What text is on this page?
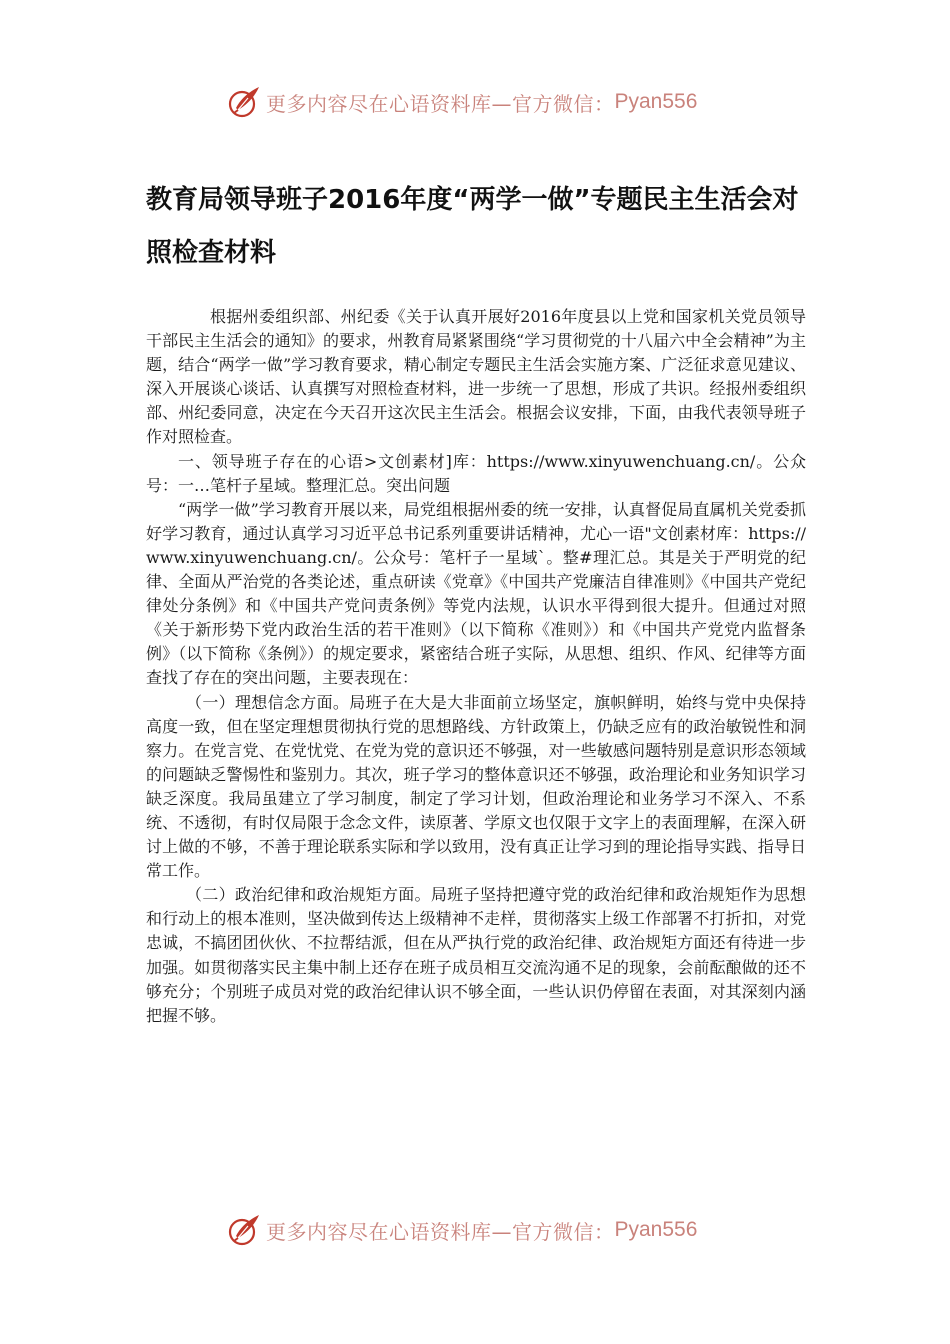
更多内容尽在心语资料库—官方微信： Pyan556
教育局领导班子2016年度“两学一做”专题民主生活会对照检查材料

根据州委组织部、州纪委《关于认真开展好2016年度县以上党和国家机关党员领导干部民主生活会的通知》的要求，州教育局紧紧围绕“学习贯彻党的十八届六中全会精神”为主题，结合“两学一做”学习教育要求，精心制定专题民主生活会实施方案、广泛征求意见建议、深入开展谈心谈话、认真撰写对照检查材料，进一步统一了思想，形成了共识。经报州委组织部、州纪委同意，决定在今天召开这次民主生活会。根据会议安排，下面，由我代表领导班子作对照检查。

一、领导班子存在的心语>文创素材]库：https://www.xinyuwenchuang.cn/。公众号：一…笔杆子星域。整理汇总。突出问题

“两学一做”学习教育开展以来，局党组根据州委的统一安排，认真督促局直属机关党委抓好学习教育，通过认真学习习近平总书记系列重要讲话精神，尤心一语"文创素材库：https://www.xinyuwenchuang.cn/。公众号：笔杆子一星域`。整#理汇总。其是关于严明党的纪律、全面从严治党的各类论述，重点研读《党章》《中国共产党廉洁自律准则》《中国共产党纪律处分条例》和《中国共产党问责条例》等党内法规，认识水平得到很大提升。但通过对照《关于新形势下党内政治生活的若干准则》（以下简称《准则》）和《中国共产党党内监督条例》（以下简称《条例》）的规定要求，紧密结合班子实际，从思想、组织、作风、纪律等方面查找了存在的突出问题，主要表现在：

（一）理想信念方面。局班子在大是大非面前立场坚定，旗帜鲜明，始终与党中央保持高度一致，但在坚定理想贯彻执行党的思想路线、方针政策上，仍缺乏应有的政治敏锐性和洞察力。在党言党、在党忧党、在党为党的意识还不够强，对一些敏感问题特别是意识形态领域的问题缺乏警惕性和鉴别力。其次，班子学习的整体意识还不够强，政治理论和业务知识学习缺乏深度。我局虽建立了学习制度，制定了学习计划，但政治理论和业务学习不深入、不系统、不透彻，有时仅局限于念念文件，读原著、学原文也仅限于文字上的表面理解，在深入研讨上做的不够，不善于理论联系实际和学以致用，没有真正让学习到的理论指导实践、指导日常工作。

（二）政治纪律和政治规矩方面。局班子坚持把遵守党的政治纪律和政治规矩作为思想和行动上的根本准则，坚决做到传达上级精神不走样，贯彻落实上级工作部署不打折扣，对党忠诚，不搞团团伙伙、不拉帮结派，但在从严执行党的政治纪律、政治规矩方面还有待进一步加强。如贯彻落实民主集中制上还存在班子成员相互交流沟通不足的现象，会前酝酿做的还不够充分；个别班子成员对党的政治纪律认识不够全面，一些认识仍停留在表面，对其深刻内涵把握不够。

更多内容尽在心语资料库—官方微信： Pyan556
